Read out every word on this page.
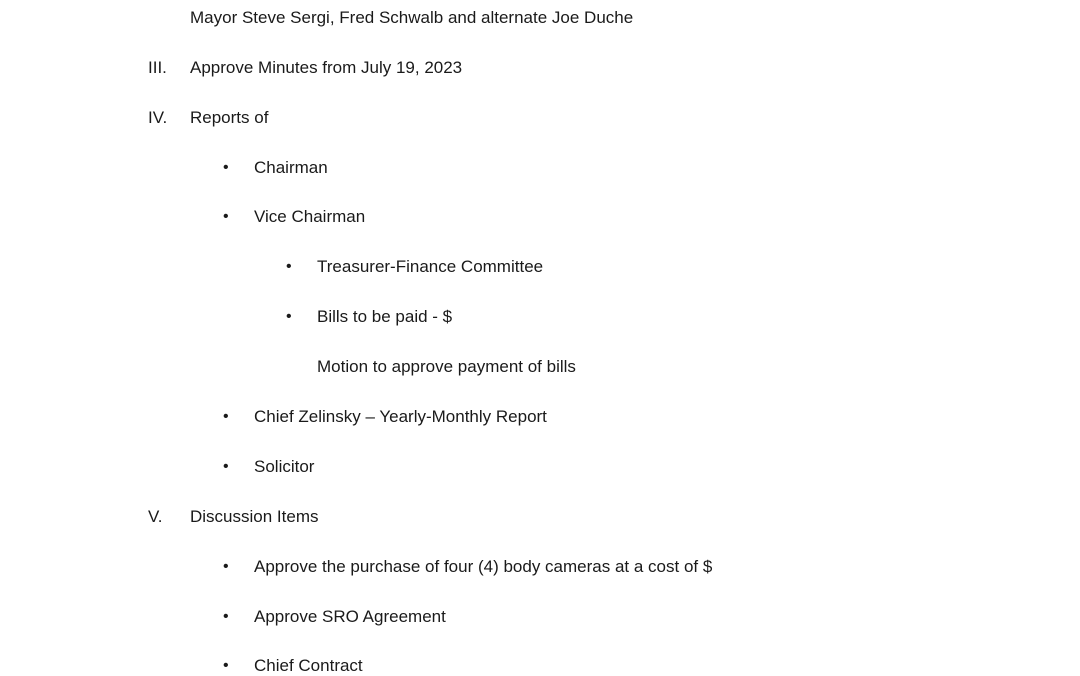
Mayor Steve Sergi, Fred Schwalb and alternate Joe Duche
III. Approve Minutes from July 19, 2023
IV. Reports of
• Chairman
• Vice Chairman
• Treasurer-Finance Committee
• Bills to be paid - $
Motion to approve payment of bills
• Chief Zelinsky – Yearly-Monthly Report
• Solicitor
V. Discussion Items
• Approve the purchase of four (4) body cameras at a cost of $
• Approve SRO Agreement
• Chief Contract
